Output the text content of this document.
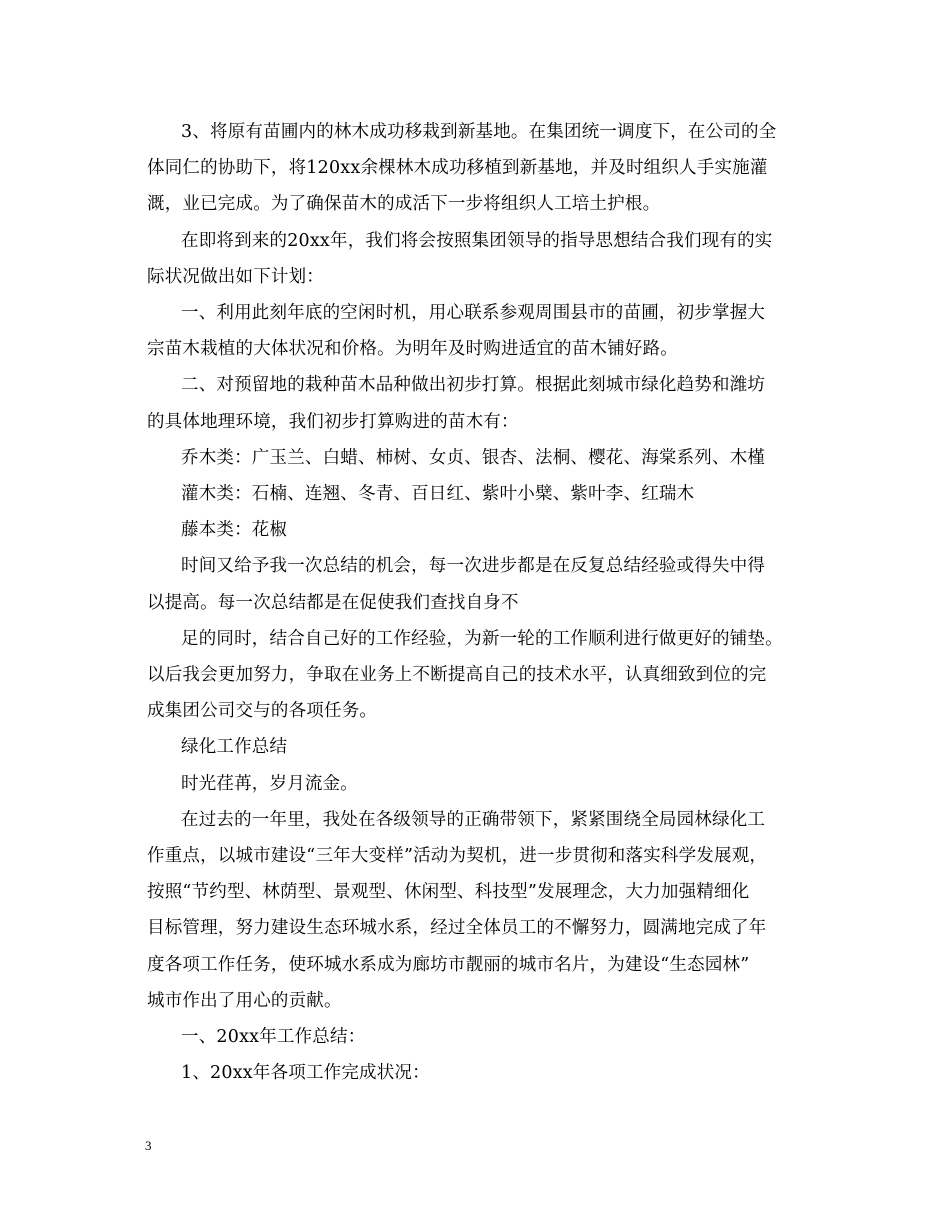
3、将原有苗圃内的林木成功移栽到新基地。在集团统一调度下，在公司的全
体同仁的协助下，将120xx余棵林木成功移植到新基地，并及时组织人手实施灌
溉，业已完成。为了确保苗木的成活下一步将组织人工培土护根。

在即将到来的20xx年，我们将会按照集团领导的指导思想结合我们现有的实
际状况做出如下计划：

一、利用此刻年底的空闲时机，用心联系参观周围县市的苗圃，初步掌握大
宗苗木栽植的大体状况和价格。为明年及时购进适宜的苗木铺好路。

二、对预留地的栽种苗木品种做出初步打算。根据此刻城市绿化趋势和潍坊
的具体地理环境，我们初步打算购进的苗木有：

乔木类：广玉兰、白蜡、柿树、女贞、银杏、法桐、樱花、海棠系列、木槿

灌木类：石楠、连翘、冬青、百日红、紫叶小檗、紫叶李、红瑞木

藤本类：花椒

时间又给予我一次总结的机会，每一次进步都是在反复总结经验或得失中得
以提高。每一次总结都是在促使我们查找自身不

足的同时，结合自己好的工作经验，为新一轮的工作顺利进行做更好的铺垫。
以后我会更加努力，争取在业务上不断提高自己的技术水平，认真细致到位的完
成集团公司交与的各项任务。

绿化工作总结

时光荏苒，岁月流金。

在过去的一年里，我处在各级领导的正确带领下，紧紧围绕全局园林绿化工
作重点，以城市建设“三年大变样”活动为契机，进一步贯彻和落实科学发展观，
按照“节约型、林荫型、景观型、休闲型、科技型”发展理念，大力加强精细化
目标管理，努力建设生态环城水系，经过全体员工的不懈努力，圆满地完成了年
度各项工作任务，使环城水系成为廊坊市靓丽的城市名片，为建设“生态园林”
城市作出了用心的贡献。

一、20xx年工作总结：

1、20xx年各项工作完成状况：

3
